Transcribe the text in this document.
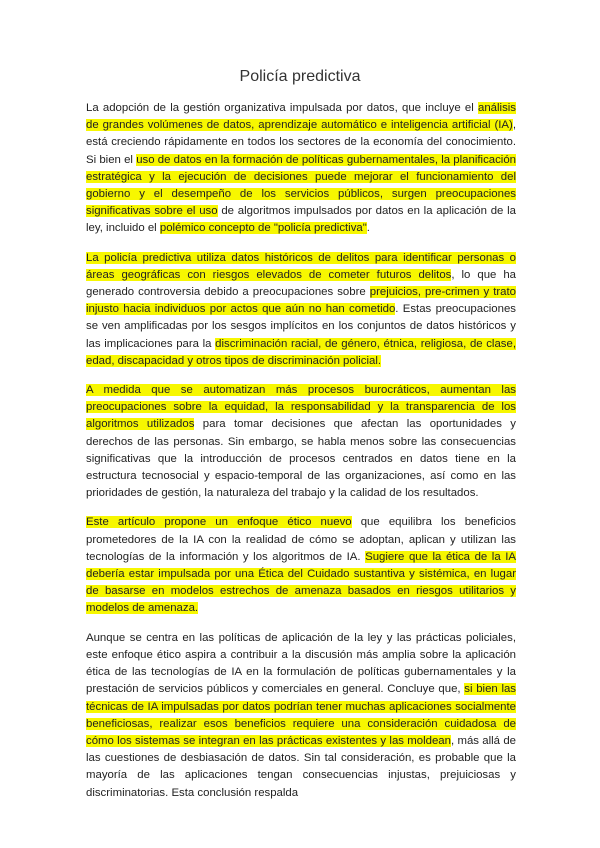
Policía predictiva

La adopción de la gestión organizativa impulsada por datos, que incluye el análisis de grandes volúmenes de datos, aprendizaje automático e inteligencia artificial (IA), está creciendo rápidamente en todos los sectores de la economía del conocimiento. Si bien el uso de datos en la formación de políticas gubernamentales, la planificación estratégica y la ejecución de decisiones puede mejorar el funcionamiento del gobierno y el desempeño de los servicios públicos, surgen preocupaciones significativas sobre el uso de algoritmos impulsados por datos en la aplicación de la ley, incluido el polémico concepto de "policía predictiva".

La policía predictiva utiliza datos históricos de delitos para identificar personas o áreas geográficas con riesgos elevados de cometer futuros delitos, lo que ha generado controversia debido a preocupaciones sobre prejuicios, pre-crimen y trato injusto hacia individuos por actos que aún no han cometido. Estas preocupaciones se ven amplificadas por los sesgos implícitos en los conjuntos de datos históricos y las implicaciones para la discriminación racial, de género, étnica, religiosa, de clase, edad, discapacidad y otros tipos de discriminación policial.

A medida que se automatizan más procesos burocráticos, aumentan las preocupaciones sobre la equidad, la responsabilidad y la transparencia de los algoritmos utilizados para tomar decisiones que afectan las oportunidades y derechos de las personas. Sin embargo, se habla menos sobre las consecuencias significativas que la introducción de procesos centrados en datos tiene en la estructura tecnosocial y espacio-temporal de las organizaciones, así como en las prioridades de gestión, la naturaleza del trabajo y la calidad de los resultados.

Este artículo propone un enfoque ético nuevo que equilibra los beneficios prometedores de la IA con la realidad de cómo se adoptan, aplican y utilizan las tecnologías de la información y los algoritmos de IA. Sugiere que la ética de la IA debería estar impulsada por una Ética del Cuidado sustantiva y sistémica, en lugar de basarse en modelos estrechos de amenaza basados en riesgos utilitarios y modelos de amenaza.

Aunque se centra en las políticas de aplicación de la ley y las prácticas policiales, este enfoque ético aspira a contribuir a la discusión más amplia sobre la aplicación ética de las tecnologías de IA en la formulación de políticas gubernamentales y la prestación de servicios públicos y comerciales en general. Concluye que, si bien las técnicas de IA impulsadas por datos podrían tener muchas aplicaciones socialmente beneficiosas, realizar esos beneficios requiere una consideración cuidadosa de cómo los sistemas se integran en las prácticas existentes y las moldean, más allá de las cuestiones de desbiasación de datos. Sin tal consideración, es probable que la mayoría de las aplicaciones tengan consecuencias injustas, prejuiciosas y discriminatorias. Esta conclusión respalda
